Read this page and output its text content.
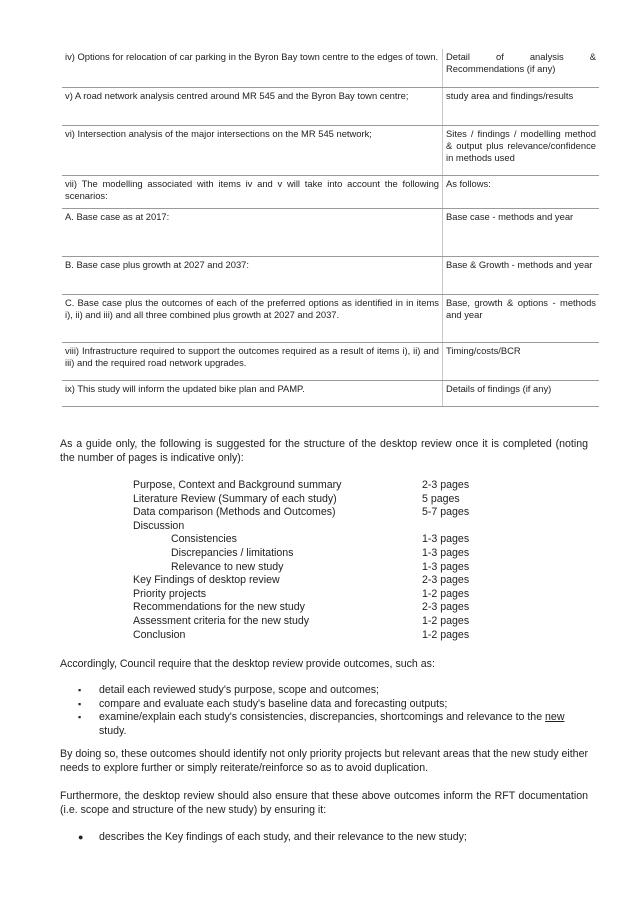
iv) Options for relocation of car parking in the Byron Bay town centre to the edges of town.	Detail of analysis & Recommendations (if any)
v) A road network analysis centred around MR 545 and the Byron Bay town centre;	study area and findings/results
vi) Intersection analysis of the major intersections on the MR 545 network;	Sites / findings / modelling method & output plus relevance/confidence in methods used
vii) The modelling associated with items iv and v will take into account the following scenarios:	As follows:
A. Base case as at 2017:	Base case - methods and year
B. Base case plus growth at 2027 and 2037:	Base & Growth - methods and year
C. Base case plus the outcomes of each of the preferred options as identified in in items i), ii) and iii) and all three combined plus growth at 2027 and 2037.	Base, growth & options - methods and year
viii) Infrastructure required to support the outcomes required as a result of items i), ii) and iii) and the required road network upgrades.	Timing/costs/BCR
ix) This study will inform the updated bike plan and PAMP.	Details of findings (if any)

As a guide only, the following is suggested for the structure of the desktop review once it is completed (noting the number of pages is indicative only):

Purpose, Context and Background summary	2-3 pages
Literature Review (Summary of each study)	5 pages
Data comparison (Methods and Outcomes)	5-7 pages
Discussion
Consistencies	1-3 pages
Discrepancies / limitations	1-3 pages
Relevance to new study	1-3 pages
Key Findings of desktop review	2-3 pages
Priority projects	1-2 pages
Recommendations for the new study	2-3 pages
Assessment criteria for the new study	1-2 pages
Conclusion	1-2 pages

Accordingly, Council require that the desktop review provide outcomes, such as:

▪	detail each reviewed study's purpose, scope and outcomes;
▪	compare and evaluate each study's baseline data and forecasting outputs;
▪	examine/explain each study's consistencies, discrepancies, shortcomings and relevance to the new study.

By doing so, these outcomes should identify not only priority projects but relevant areas that the new study either needs to explore further or simply reiterate/reinforce so as to avoid duplication.

Furthermore, the desktop review should also ensure that these above outcomes inform the RFT documentation (i.e. scope and structure of the new study) by ensuring it:

●	describes the Key findings of each study, and their relevance to the new study;
